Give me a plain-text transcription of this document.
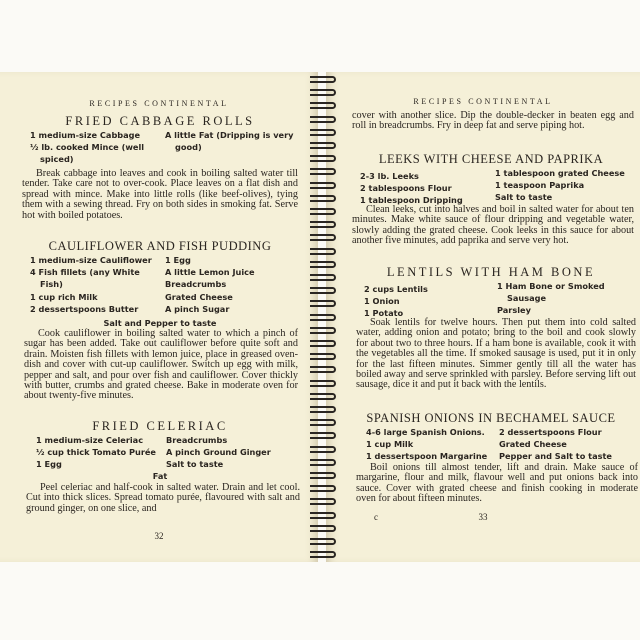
RECIPES CONTINENTAL
FRIED CABBAGE ROLLS
1 medium-size Cabbage
½ lb. cooked Mince (well
spiced)
A little Fat (Dripping is very
good)
Break cabbage into leaves and cook in boiling salted water till tender. Take care not to over-cook. Place leaves on a flat dish and spread with mince. Make into little rolls (like beef-olives), tying them with a sewing thread. Fry on both sides in smoking fat. Serve hot with boiled potatoes.
CAULIFLOWER AND FISH PUDDING
1 medium-size Cauliflower
4 Fish fillets (any White
Fish)
1 cup rich Milk
2 dessertspoons Butter
1 Egg
A little Lemon Juice
Breadcrumbs
Grated Cheese
A pinch Sugar
Salt and Pepper to taste
Cook cauliflower in boiling salted water to which a pinch of sugar has been added. Take out cauliflower before quite soft and drain. Moisten fish fillets with lemon juice, place in greased oven-dish and cover with cut-up cauliflower. Switch up egg with milk, pepper and salt, and pour over fish and cauliflower. Cover thickly with butter, crumbs and grated cheese. Bake in moderate oven for about twenty-five minutes.
FRIED CELERIAC
1 medium-size Celeriac
½ cup thick Tomato Purée
1 Egg
Breadcrumbs
A pinch Ground Ginger
Salt to taste
Fat
Peel celeriac and half-cook in salted water. Drain and let cool. Cut into thick slices. Spread tomato purée, flavoured with salt and ground ginger, on one slice, and
32
RECIPES CONTINENTAL
cover with another slice. Dip the double-decker in beaten egg and roll in breadcrumbs. Fry in deep fat and serve piping hot.
LEEKS WITH CHEESE AND PAPRIKA
2-3 lb. Leeks
2 tablespoons Flour
1 tablespoon Dripping
1 tablespoon grated Cheese
1 teaspoon Paprika
Salt to taste
Clean leeks, cut into halves and boil in salted water for about ten minutes. Make white sauce of flour dripping and vegetable water, slowly adding the grated cheese. Cook leeks in this sauce for about another five minutes, add paprika and serve very hot.
LENTILS WITH HAM BONE
2 cups Lentils
1 Onion
1 Potato
1 Ham Bone or Smoked
Sausage
Parsley
Soak lentils for twelve hours. Then put them into cold salted water, adding onion and potato; bring to the boil and cook slowly for about two to three hours. If a ham bone is available, cook it with the vegetables all the time. If smoked sausage is used, put it in only for the last fifteen minutes. Simmer gently till all the water has boiled away and serve sprinkled with parsley. Before serving lift out sausage, dice it and put it back with the lentils.
SPANISH ONIONS IN BECHAMEL SAUCE
4-6 large Spanish Onions.
1 cup Milk
1 dessertspoon Margarine
2 dessertspoons Flour
Grated Cheese
Pepper and Salt to taste
Boil onions till almost tender, lift and drain. Make sauce of margarine, flour and milk, flavour well and put onions back into sauce. Cover with grated cheese and finish cooking in moderate oven for about fifteen minutes.
c	33
